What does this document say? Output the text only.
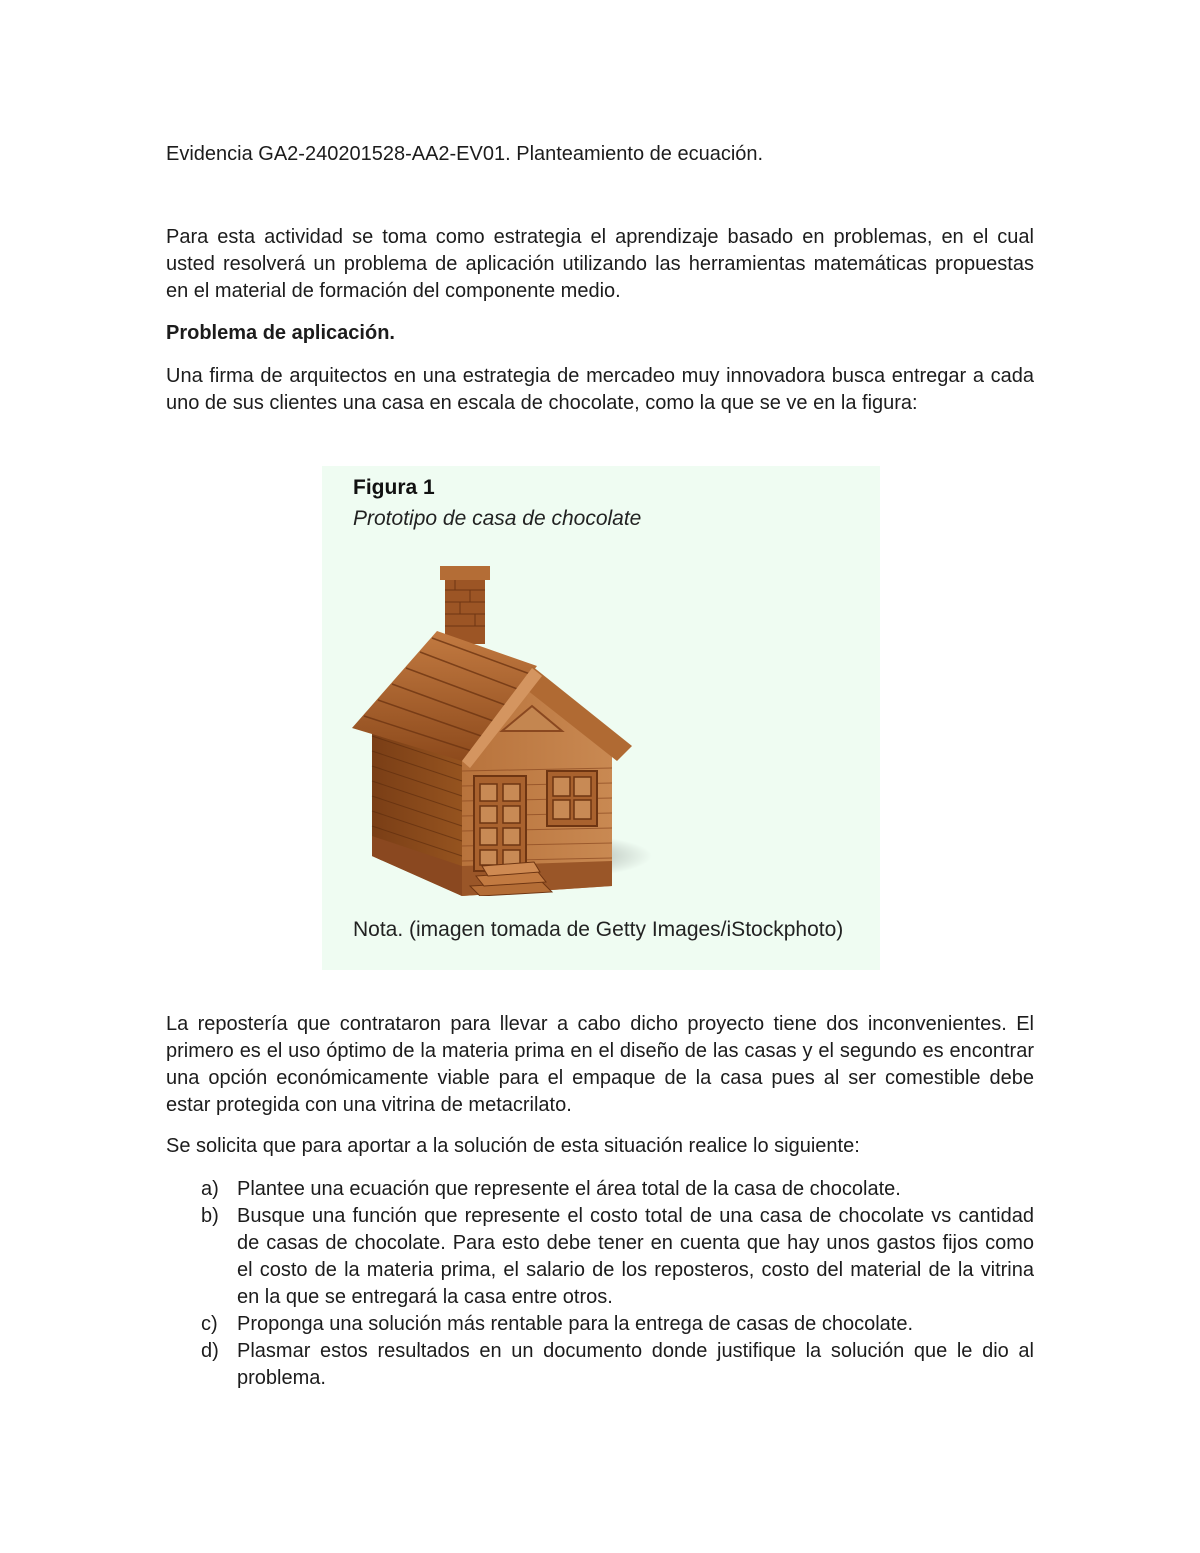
Evidencia GA2-240201528-AA2-EV01. Planteamiento de ecuación.
Para esta actividad se toma como estrategia el aprendizaje basado en problemas, en el cual usted resolverá un problema de aplicación utilizando las herramientas matemáticas propuestas en el material de formación del componente medio.
Problema de aplicación.
Una firma de arquitectos en una estrategia de mercadeo muy innovadora busca entregar a cada uno de sus clientes una casa en escala de chocolate, como la que se ve en la figura:
Figura 1
Prototipo de casa de chocolate
Nota. (imagen tomada de Getty Images/iStockphoto)
La repostería que contrataron para llevar a cabo dicho proyecto tiene dos inconvenientes. El primero es el uso óptimo de la materia prima en el diseño de las casas y el segundo es encontrar una opción económicamente viable para el empaque de la casa pues al ser comestible debe estar protegida con una vitrina de metacrilato.
Se solicita que para aportar a la solución de esta situación realice lo siguiente:
a) Plantee una ecuación que represente el área total de la casa de chocolate.
b) Busque una función que represente el costo total de una casa de chocolate vs cantidad de casas de chocolate. Para esto debe tener en cuenta que hay unos gastos fijos como el costo de la materia prima, el salario de los reposteros, costo del material de la vitrina en la que se entregará la casa entre otros.
c) Proponga una solución más rentable para la entrega de casas de chocolate.
d) Plasmar estos resultados en un documento donde justifique la solución que le dio al problema.
